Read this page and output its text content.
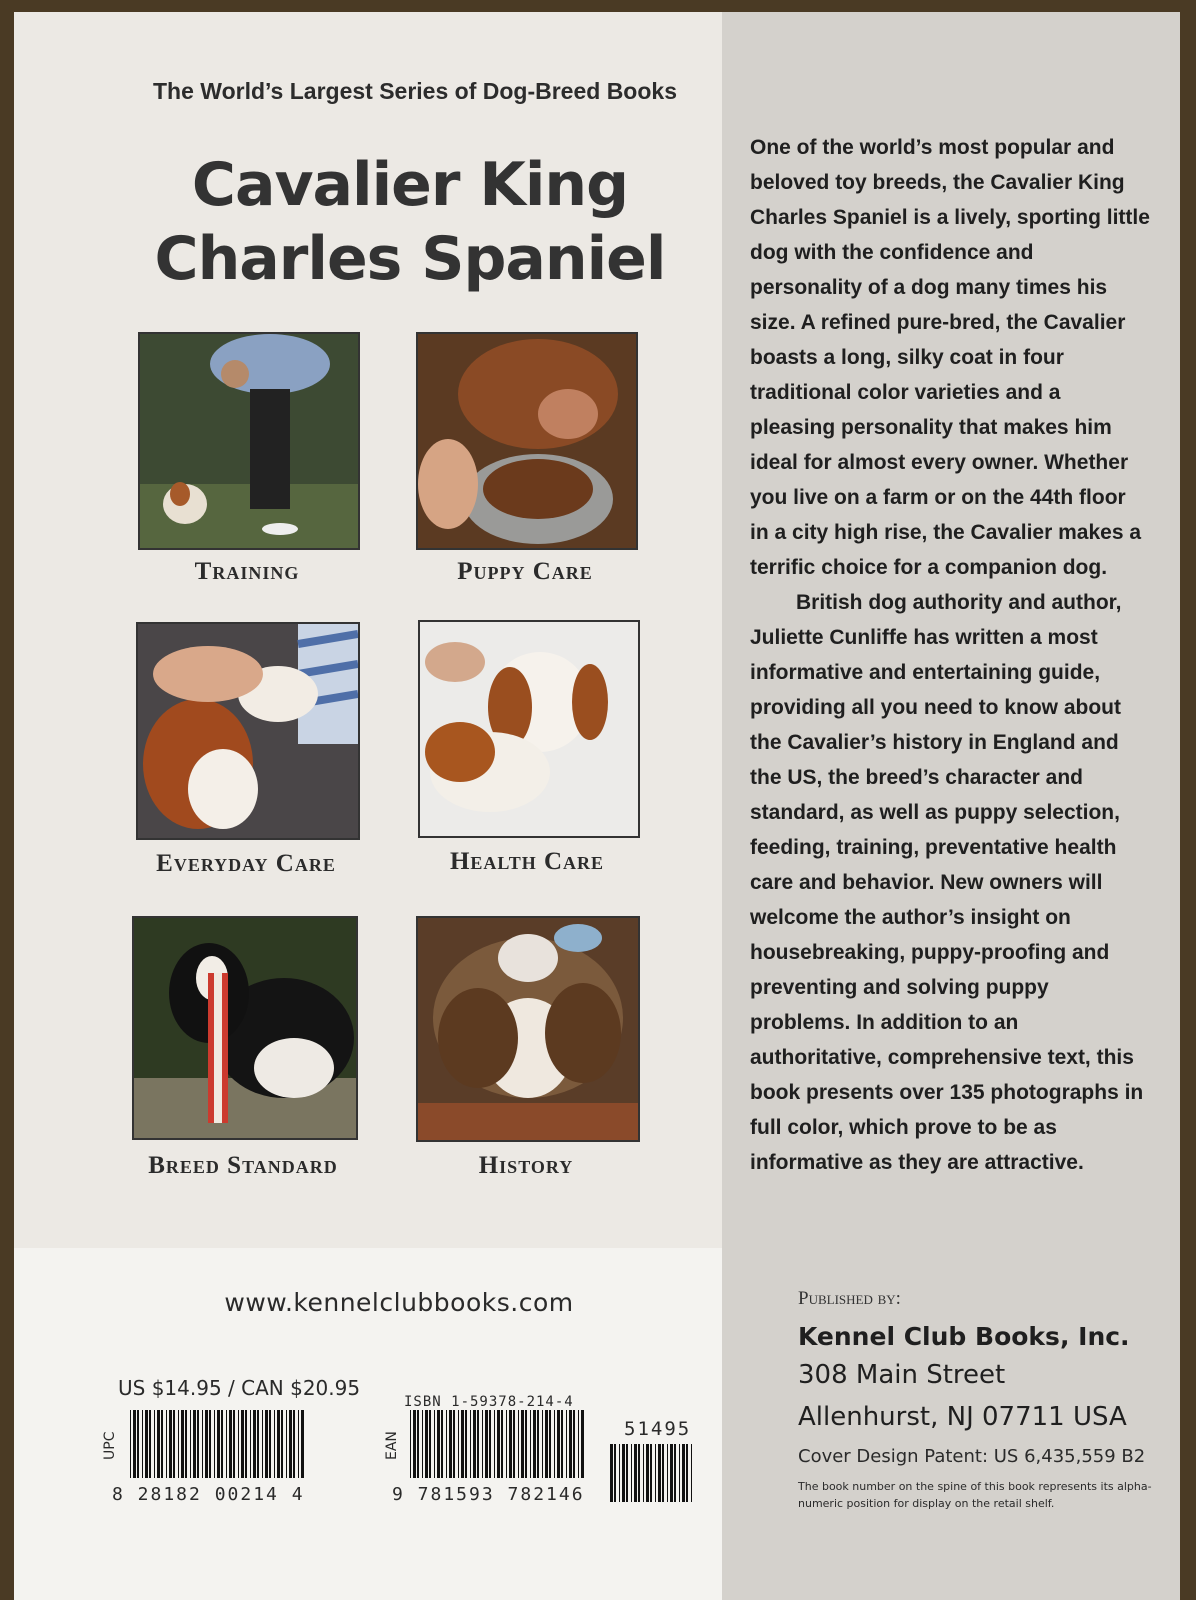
The World’s Largest Series of Dog-Breed Books
Cavalier King
Charles Spaniel
Training	Puppy Care
Everyday Care	Health Care
Breed Standard	History

One of the world’s most popular and beloved toy breeds, the Cavalier King Charles Spaniel is a lively, sporting little dog with the confidence and personality of a dog many times his size. A refined pure-bred, the Cavalier boasts a long, silky coat in four traditional color varieties and a pleasing personality that makes him ideal for almost every owner. Whether you live on a farm or on the 44th floor in a city high rise, the Cavalier makes a terrific choice for a companion dog.

British dog authority and author, Juliette Cunliffe has written a most informative and entertaining guide, providing all you need to know about the Cavalier’s history in England and the US, the breed’s character and standard, as well as puppy selection, feeding, training, preventative health care and behavior. New owners will welcome the author’s insight on housebreaking, puppy-proofing and preventing and solving puppy problems. In addition to an authoritative, comprehensive text, this book presents over 135 photographs in full color, which prove to be as informative as they are attractive.

www.kennelclubbooks.com
US $14.95 / CAN $20.95
ISBN 1-59378-214-4
UPC
8 28182 00214 4
EAN
9 781593 782146
51495
Published by:
Kennel Club Books, Inc.
308 Main Street
Allenhurst, NJ 07711 USA
Cover Design Patent: US 6,435,559 B2
The book number on the spine of this book represents its alpha-numeric position for display on the retail shelf.
